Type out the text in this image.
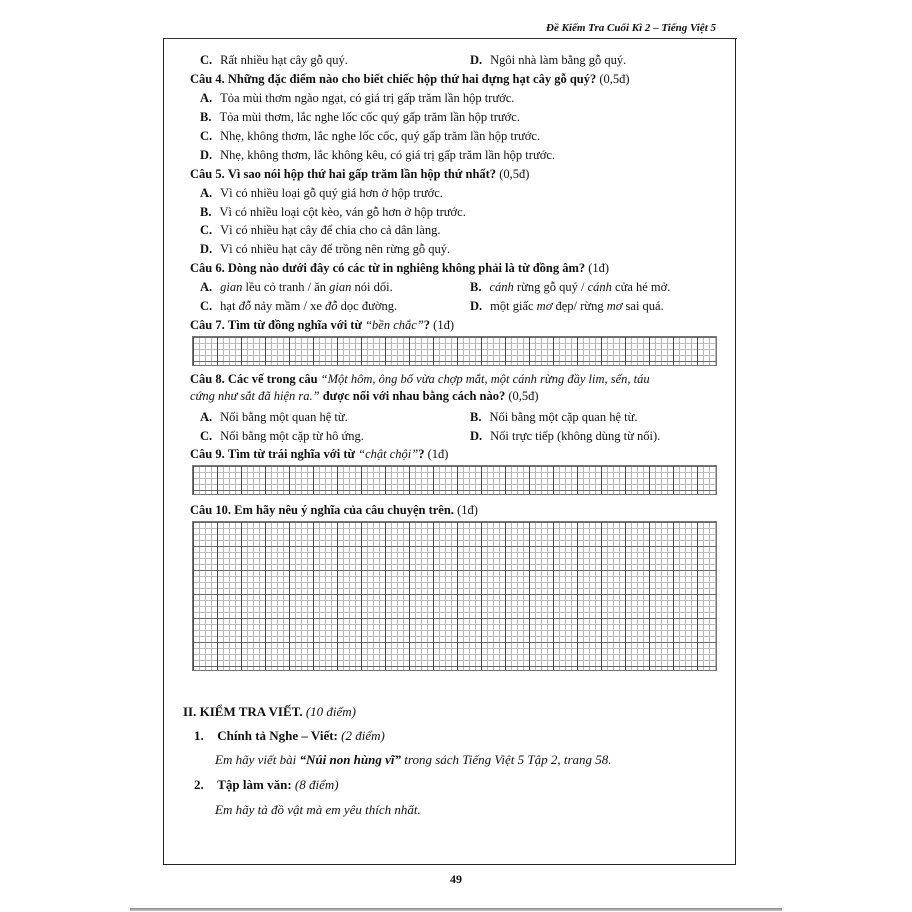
Đề Kiểm Tra Cuối Kì 2 – Tiếng Việt 5
C. Rất nhiều hạt cây gỗ quý.	D. Ngôi nhà làm bằng gỗ quý.
Câu 4. Những đặc điểm nào cho biết chiếc hộp thứ hai đựng hạt cây gỗ quý? (0,5đ)
A. Tỏa mùi thơm ngào ngạt, có giá trị gấp trăm lần hộp trước.
B. Tỏa mùi thơm, lắc nghe lốc cốc quý gấp trăm lần hộp trước.
C. Nhẹ, không thơm, lắc nghe lốc cốc, quý gấp trăm lần hộp trước.
D. Nhẹ, không thơm, lắc không kêu, có giá trị gấp trăm lần hộp trước.
Câu 5. Vì sao nói hộp thứ hai gấp trăm lần hộp thứ nhất? (0,5đ)
A. Vì có nhiều loại gỗ quý giá hơn ở hộp trước.
B. Vì có nhiều loại cột kèo, ván gỗ hơn ở hộp trước.
C. Vì có nhiều hạt cây để chia cho cả dân làng.
D. Vì có nhiều hạt cây để trồng nên rừng gỗ quý.
Câu 6. Dòng nào dưới đây có các từ in nghiêng không phải là từ đồng âm? (1đ)
A. gian lều cỏ tranh / ăn gian nói dối.	B. cánh rừng gỗ quý / cánh cửa hé mở.
C. hạt đỗ nảy mầm / xe đỗ dọc đường.	D. một giấc mơ đẹp/ rừng mơ sai quá.
Câu 7. Tìm từ đồng nghĩa với từ “bền chắc”? (1đ)
Câu 8. Các vế trong câu “Một hôm, ông bố vừa chợp mắt, một cánh rừng đầy lim, sến, táu
cứng như sắt đã hiện ra.” được nối với nhau bằng cách nào? (0,5đ)
A. Nối bằng một quan hệ từ.	B. Nối bằng một cặp quan hệ từ.
C. Nối bằng một cặp từ hô ứng.	D. Nối trực tiếp (không dùng từ nối).
Câu 9. Tìm từ trái nghĩa với từ “chật chội”? (1đ)
Câu 10. Em hãy nêu ý nghĩa của câu chuyện trên. (1đ)
II. KIỂM TRA VIẾT. (10 điểm)
1. Chính tả Nghe – Viết: (2 điểm)
Em hãy viết bài “Núi non hùng vĩ” trong sách Tiếng Việt 5 Tập 2, trang 58.
2. Tập làm văn: (8 điểm)
Em hãy tả đồ vật mà em yêu thích nhất.
49
